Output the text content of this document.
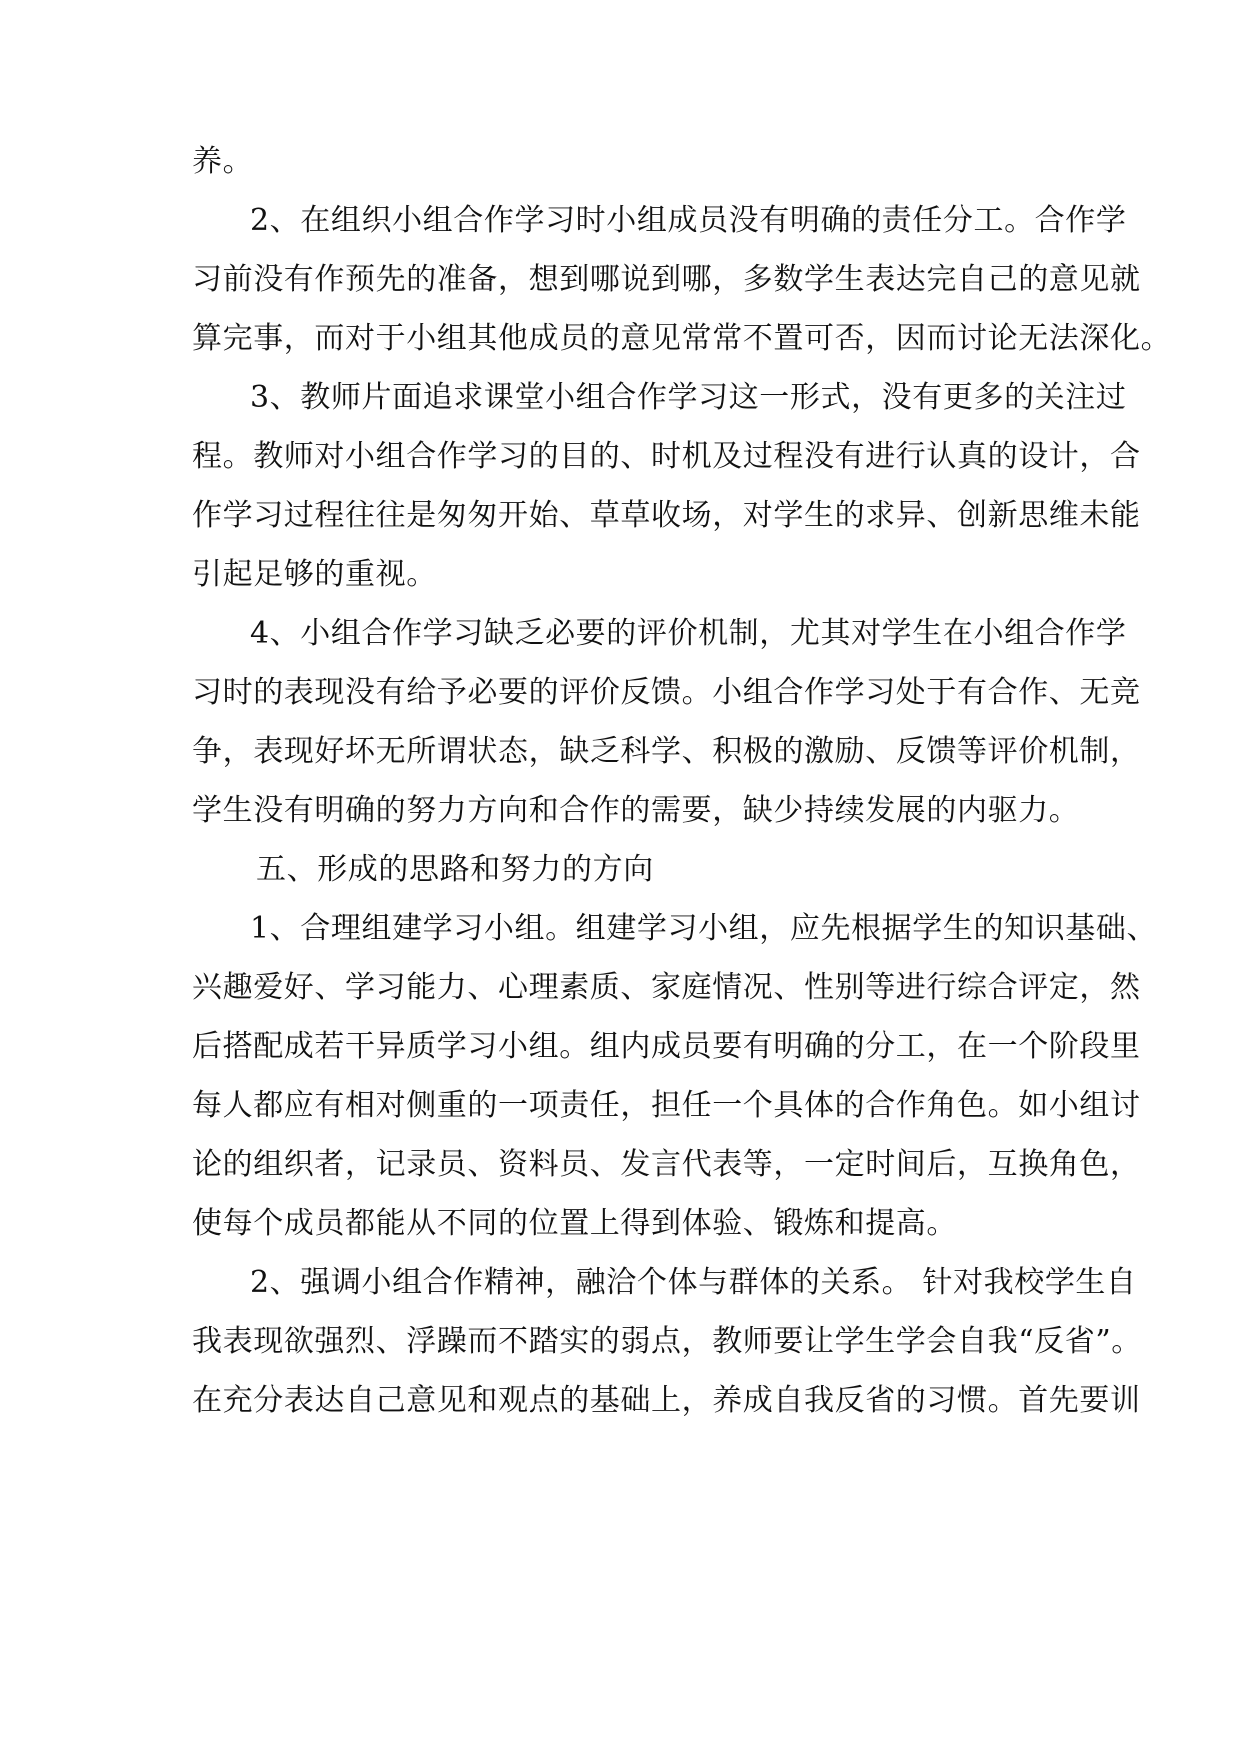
养。
2、在组织小组合作学习时小组成员没有明确的责任分工。合作学
习前没有作预先的准备，想到哪说到哪，多数学生表达完自己的意见就
算完事，而对于小组其他成员的意见常常不置可否，因而讨论无法深化。
3、教师片面追求课堂小组合作学习这一形式，没有更多的关注过
程。教师对小组合作学习的目的、时机及过程没有进行认真的设计，合
作学习过程往往是匆匆开始、草草收场，对学生的求异、创新思维未能
引起足够的重视。
4、小组合作学习缺乏必要的评价机制，尤其对学生在小组合作学
习时的表现没有给予必要的评价反馈。小组合作学习处于有合作、无竞
争，表现好坏无所谓状态，缺乏科学、积极的激励、反馈等评价机制，
学生没有明确的努力方向和合作的需要，缺少持续发展的内驱力。
五、形成的思路和努力的方向
1、合理组建学习小组。组建学习小组，应先根据学生的知识基础、
兴趣爱好、学习能力、心理素质、家庭情况、性别等进行综合评定，然
后搭配成若干异质学习小组。组内成员要有明确的分工，在一个阶段里
每人都应有相对侧重的一项责任，担任一个具体的合作角色。如小组讨
论的组织者，记录员、资料员、发言代表等，一定时间后，互换角色，
使每个成员都能从不同的位置上得到体验、锻炼和提高。
2、强调小组合作精神，融洽个体与群体的关系。 针对我校学生自
我表现欲强烈、浮躁而不踏实的弱点，教师要让学生学会自我“反省”。
在充分表达自己意见和观点的基础上，养成自我反省的习惯。首先要训
